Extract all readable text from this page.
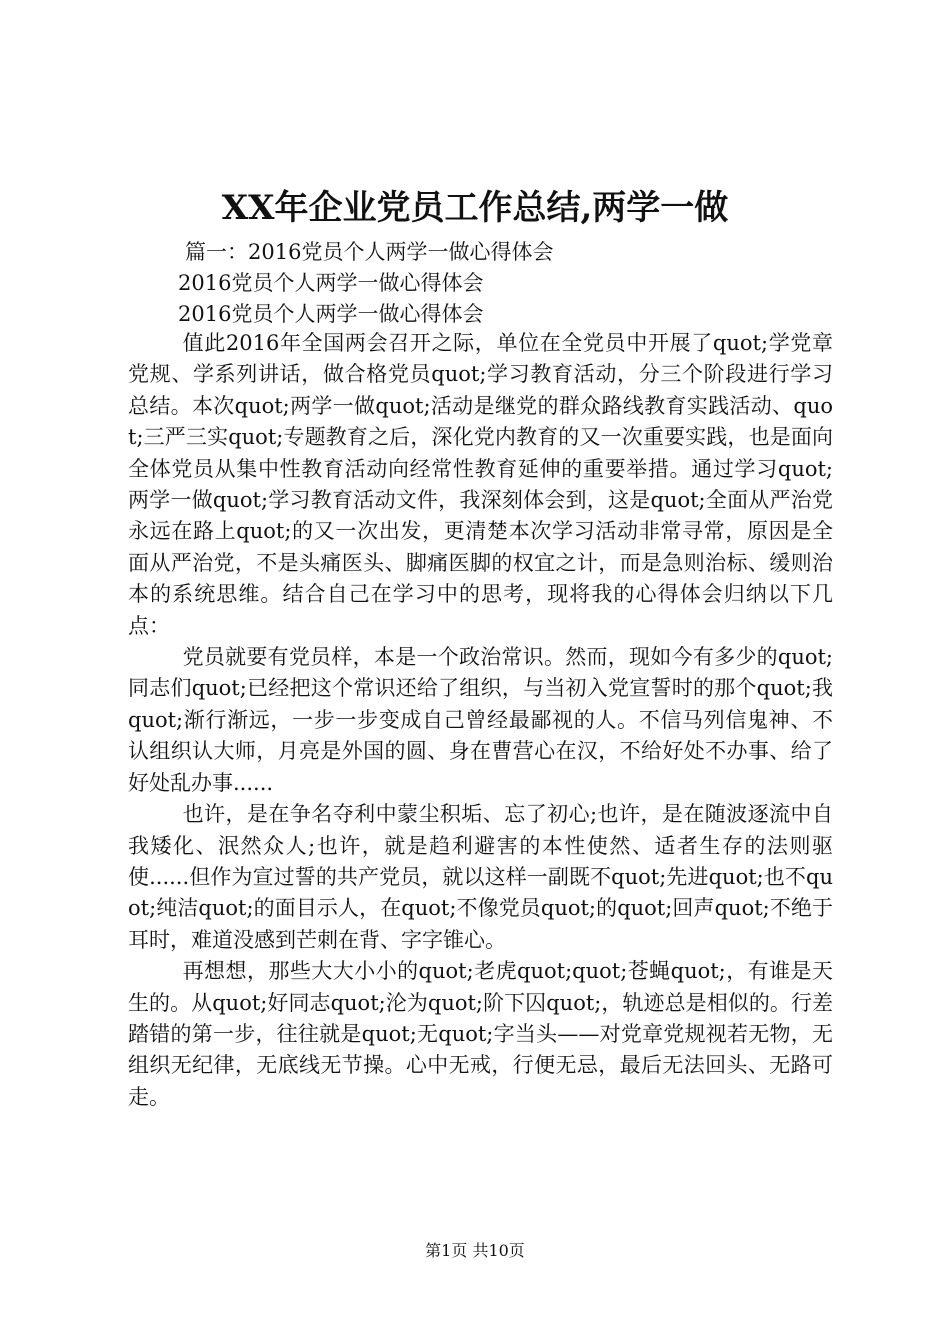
XX年企业党员工作总结,两学一做
篇一：2016党员个人两学一做心得体会
2016党员个人两学一做心得体会
2016党员个人两学一做心得体会

值此2016年全国两会召开之际，单位在全党员中开展了quot;学党章党规、学系列讲话，做合格党员quot;学习教育活动，分三个阶段进行学习总结。本次quot;两学一做quot;活动是继党的群众路线教育实践活动、quot;三严三实quot;专题教育之后，深化党内教育的又一次重要实践，也是面向全体党员从集中性教育活动向经常性教育延伸的重要举措。通过学习quot;两学一做quot;学习教育活动文件，我深刻体会到，这是quot;全面从严治党永远在路上quot;的又一次出发，更清楚本次学习活动非常寻常，原因是全面从严治党，不是头痛医头、脚痛医脚的权宜之计，而是急则治标、缓则治本的系统思维。结合自己在学习中的思考，现将我的心得体会归纳以下几点：

党员就要有党员样，本是一个政治常识。然而，现如今有多少的quot;同志们quot;已经把这个常识还给了组织，与当初入党宣誓时的那个quot;我quot;渐行渐远，一步一步变成自己曾经最鄙视的人。不信马列信鬼神、不认组织认大师，月亮是外国的圆、身在曹营心在汉，不给好处不办事、给了好处乱办事......

也许，是在争名夺利中蒙尘积垢、忘了初心;也许，是在随波逐流中自我矮化、泯然众人;也许，就是趋利避害的本性使然、适者生存的法则驱使......但作为宣过誓的共产党员，就以这样一副既不quot;先进quot;也不quot;纯洁quot;的面目示人，在quot;不像党员quot;的quot;回声quot;不绝于耳时，难道没感到芒刺在背、字字锥心。

再想想，那些大大小小的quot;老虎quot;quot;苍蝇quot;，有谁是天生的。从quot;好同志quot;沦为quot;阶下囚quot;，轨迹总是相似的。行差踏错的第一步，往往就是quot;无quot;字当头——对党章党规视若无物，无组织无纪律，无底线无节操。心中无戒，行便无忌，最后无法回头、无路可走。

第1页 共10页
